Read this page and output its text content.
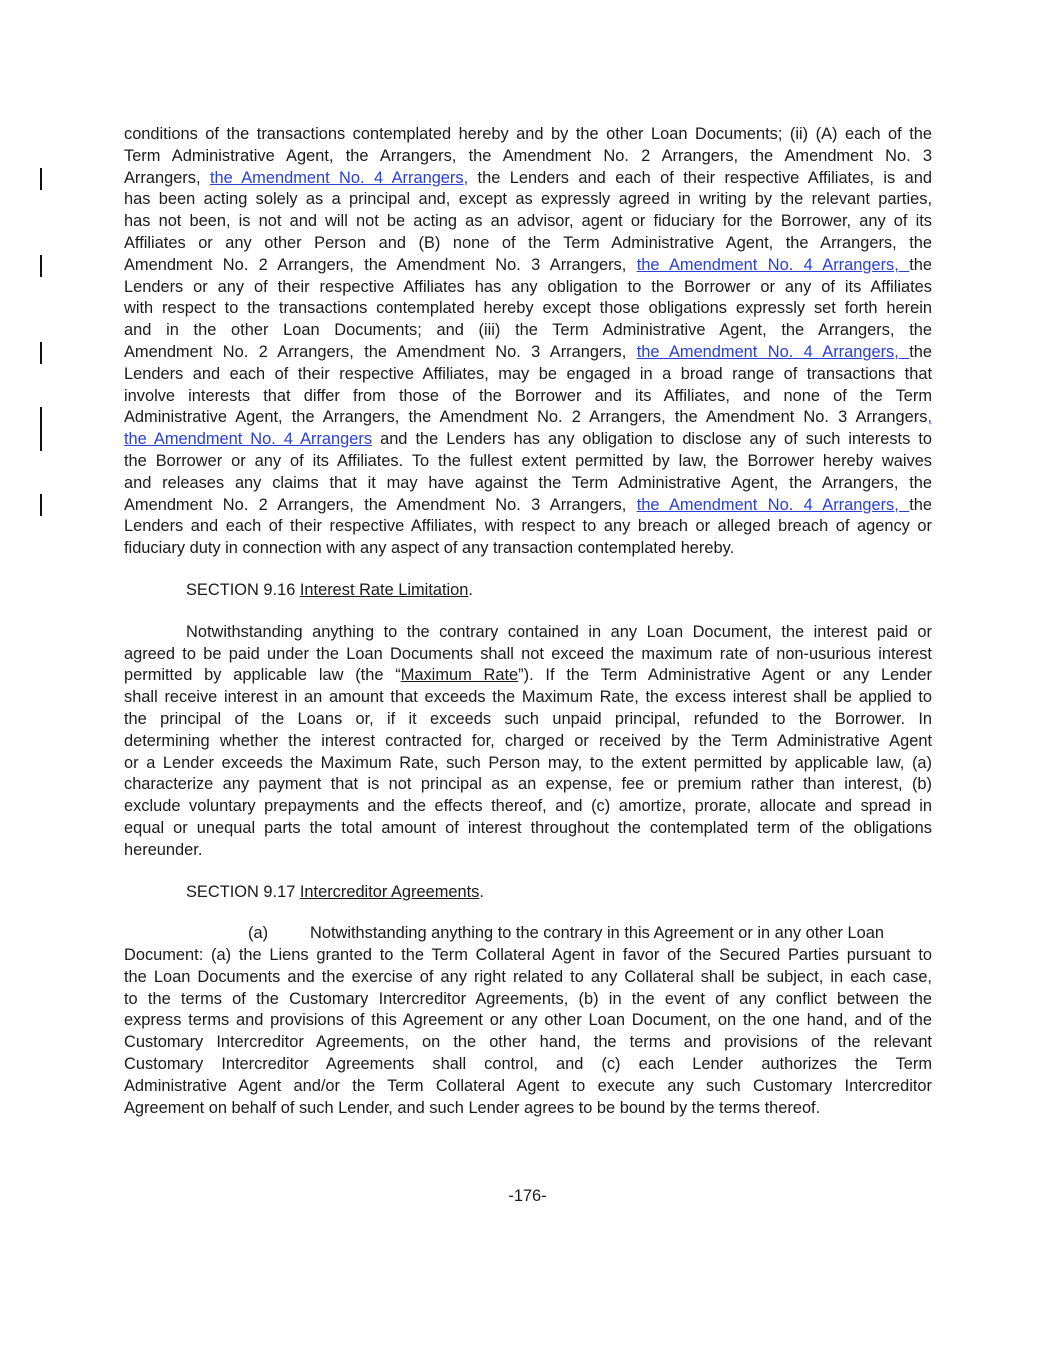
conditions of the transactions contemplated hereby and by the other Loan Documents; (ii) (A) each of the
Term Administrative Agent, the Arrangers, the Amendment No. 2 Arrangers, the Amendment No. 3
Arrangers, the Amendment No. 4 Arrangers, the Lenders and each of their respective Affiliates, is and
has been acting solely as a principal and, except as expressly agreed in writing by the relevant parties,
has not been, is not and will not be acting as an advisor, agent or fiduciary for the Borrower, any of its
Affiliates or any other Person and (B) none of the Term Administrative Agent, the Arrangers, the
Amendment No. 2 Arrangers, the Amendment No. 3 Arrangers, the Amendment No. 4 Arrangers, the
Lenders or any of their respective Affiliates has any obligation to the Borrower or any of its Affiliates
with respect to the transactions contemplated hereby except those obligations expressly set forth herein
and in the other Loan Documents; and (iii) the Term Administrative Agent, the Arrangers, the
Amendment No. 2 Arrangers, the Amendment No. 3 Arrangers, the Amendment No. 4 Arrangers, the
Lenders and each of their respective Affiliates, may be engaged in a broad range of transactions that
involve interests that differ from those of the Borrower and its Affiliates, and none of the Term
Administrative Agent, the Arrangers, the Amendment No. 2 Arrangers, the Amendment No. 3 Arrangers,
the Amendment No. 4 Arrangers and the Lenders has any obligation to disclose any of such interests to
the Borrower or any of its Affiliates. To the fullest extent permitted by law, the Borrower hereby waives
and releases any claims that it may have against the Term Administrative Agent, the Arrangers, the
Amendment No. 2 Arrangers, the Amendment No. 3 Arrangers, the Amendment No. 4 Arrangers, the
Lenders and each of their respective Affiliates, with respect to any breach or alleged breach of agency or
fiduciary duty in connection with any aspect of any transaction contemplated hereby.
SECTION 9.16 Interest Rate Limitation.
Notwithstanding anything to the contrary contained in any Loan Document, the interest paid or
agreed to be paid under the Loan Documents shall not exceed the maximum rate of non-usurious interest
permitted by applicable law (the “Maximum Rate”). If the Term Administrative Agent or any Lender
shall receive interest in an amount that exceeds the Maximum Rate, the excess interest shall be applied to
the principal of the Loans or, if it exceeds such unpaid principal, refunded to the Borrower. In
determining whether the interest contracted for, charged or received by the Term Administrative Agent
or a Lender exceeds the Maximum Rate, such Person may, to the extent permitted by applicable law, (a)
characterize any payment that is not principal as an expense, fee or premium rather than interest, (b)
exclude voluntary prepayments and the effects thereof, and (c) amortize, prorate, allocate and spread in
equal or unequal parts the total amount of interest throughout the contemplated term of the obligations
hereunder.
SECTION 9.17 Intercreditor Agreements.
(a)	Notwithstanding anything to the contrary in this Agreement or in any other Loan
Document: (a) the Liens granted to the Term Collateral Agent in favor of the Secured Parties pursuant to
the Loan Documents and the exercise of any right related to any Collateral shall be subject, in each case,
to the terms of the Customary Intercreditor Agreements, (b) in the event of any conflict between the
express terms and provisions of this Agreement or any other Loan Document, on the one hand, and of the
Customary Intercreditor Agreements, on the other hand, the terms and provisions of the relevant
Customary Intercreditor Agreements shall control, and (c) each Lender authorizes the Term
Administrative Agent and/or the Term Collateral Agent to execute any such Customary Intercreditor
Agreement on behalf of such Lender, and such Lender agrees to be bound by the terms thereof.
-176-
